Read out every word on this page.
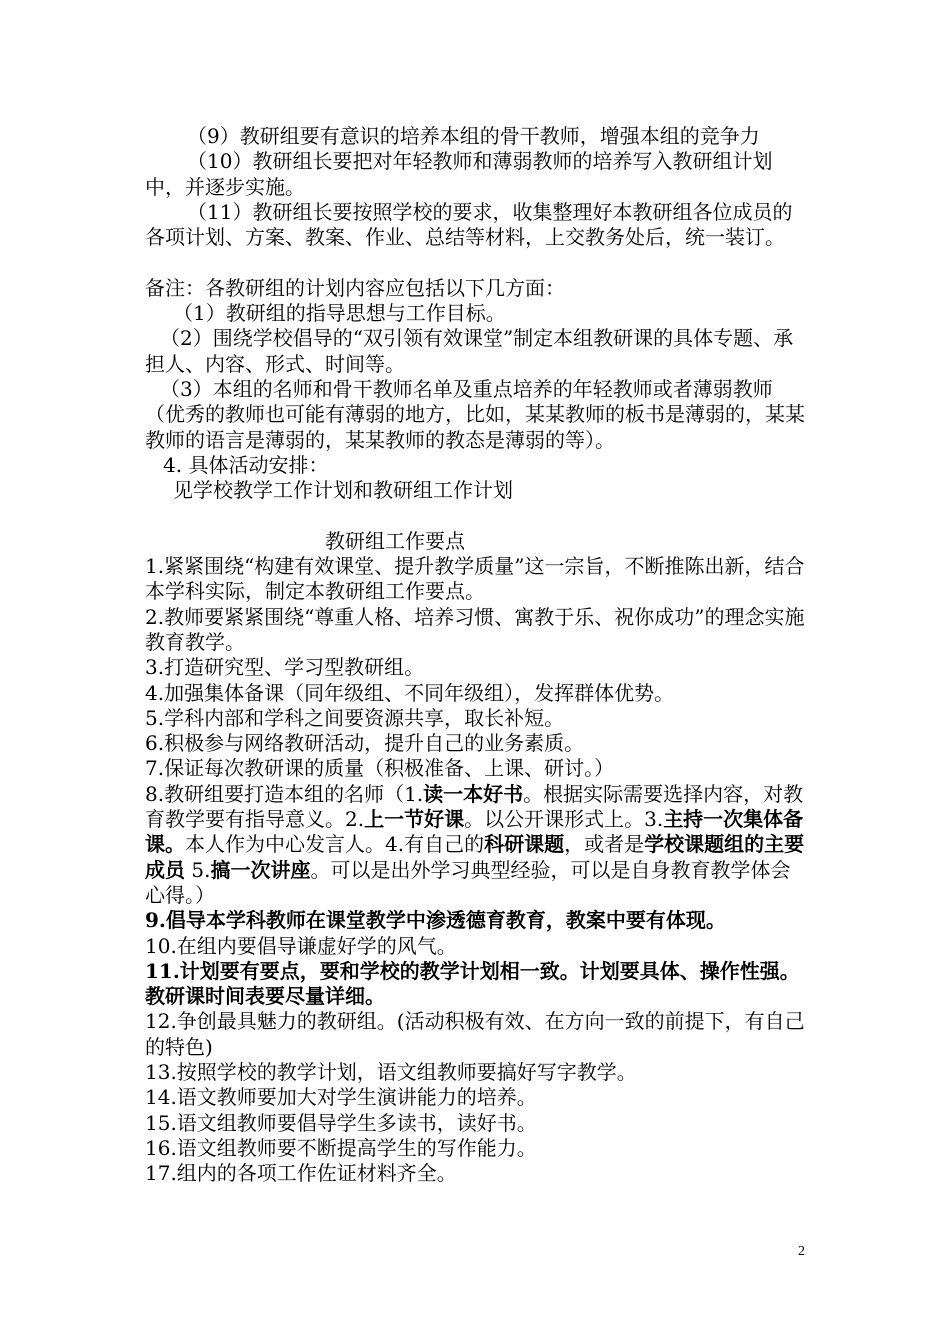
（9）教研组要有意识的培养本组的骨干教师，增强本组的竞争力

（10）教研组长要把对年轻教师和薄弱教师的培养写入教研组计划中，并逐步实施。

（11）教研组长要按照学校的要求，收集整理好本教研组各位成员的各项计划、方案、教案、作业、总结等材料，上交教务处后，统一装订。

备注：各教研组的计划内容应包括以下几方面：

（1）教研组的指导思想与工作目标。

（2）围绕学校倡导的“双引领有效课堂”制定本组教研课的具体专题、承担人、内容、形式、时间等。

（3）本组的名师和骨干教师名单及重点培养的年轻教师或者薄弱教师（优秀的教师也可能有薄弱的地方，比如，某某教师的板书是薄弱的，某某教师的语言是薄弱的，某某教师的教态是薄弱的等）。

4. 具体活动安排：

见学校教学工作计划和教研组工作计划

教研组工作要点

1.紧紧围绕“构建有效课堂、提升教学质量”这一宗旨，不断推陈出新，结合本学科实际，制定本教研组工作要点。

2.教师要紧紧围绕“尊重人格、培养习惯、寓教于乐、祝你成功”的理念实施教育教学。

3.打造研究型、学习型教研组。

4.加强集体备课（同年级组、不同年级组），发挥群体优势。

5.学科内部和学科之间要资源共享，取长补短。

6.积极参与网络教研活动，提升自己的业务素质。

7.保证每次教研课的质量（积极准备、上课、研讨。）

8.教研组要打造本组的名师（1.读一本好书。根据实际需要选择内容，对教育教学要有指导意义。2.上一节好课。以公开课形式上。3.主持一次集体备课。本人作为中心发言人。4.有自己的科研课题，或者是学校课题组的主要成员 5.搞一次讲座。可以是出外学习典型经验，可以是自身教育教学体会心得。）

9.倡导本学科教师在课堂教学中渗透德育教育，教案中要有体现。

10.在组内要倡导谦虚好学的风气。

11.计划要有要点，要和学校的教学计划相一致。计划要具体、操作性强。教研课时间表要尽量详细。

12.争创最具魅力的教研组。(活动积极有效、在方向一致的前提下，有自己的特色)

13.按照学校的教学计划，语文组教师要搞好写字教学。

14.语文教师要加大对学生演讲能力的培养。

15.语文组教师要倡导学生多读书，读好书。

16.语文组教师要不断提高学生的写作能力。

17.组内的各项工作佐证材料齐全。

2
